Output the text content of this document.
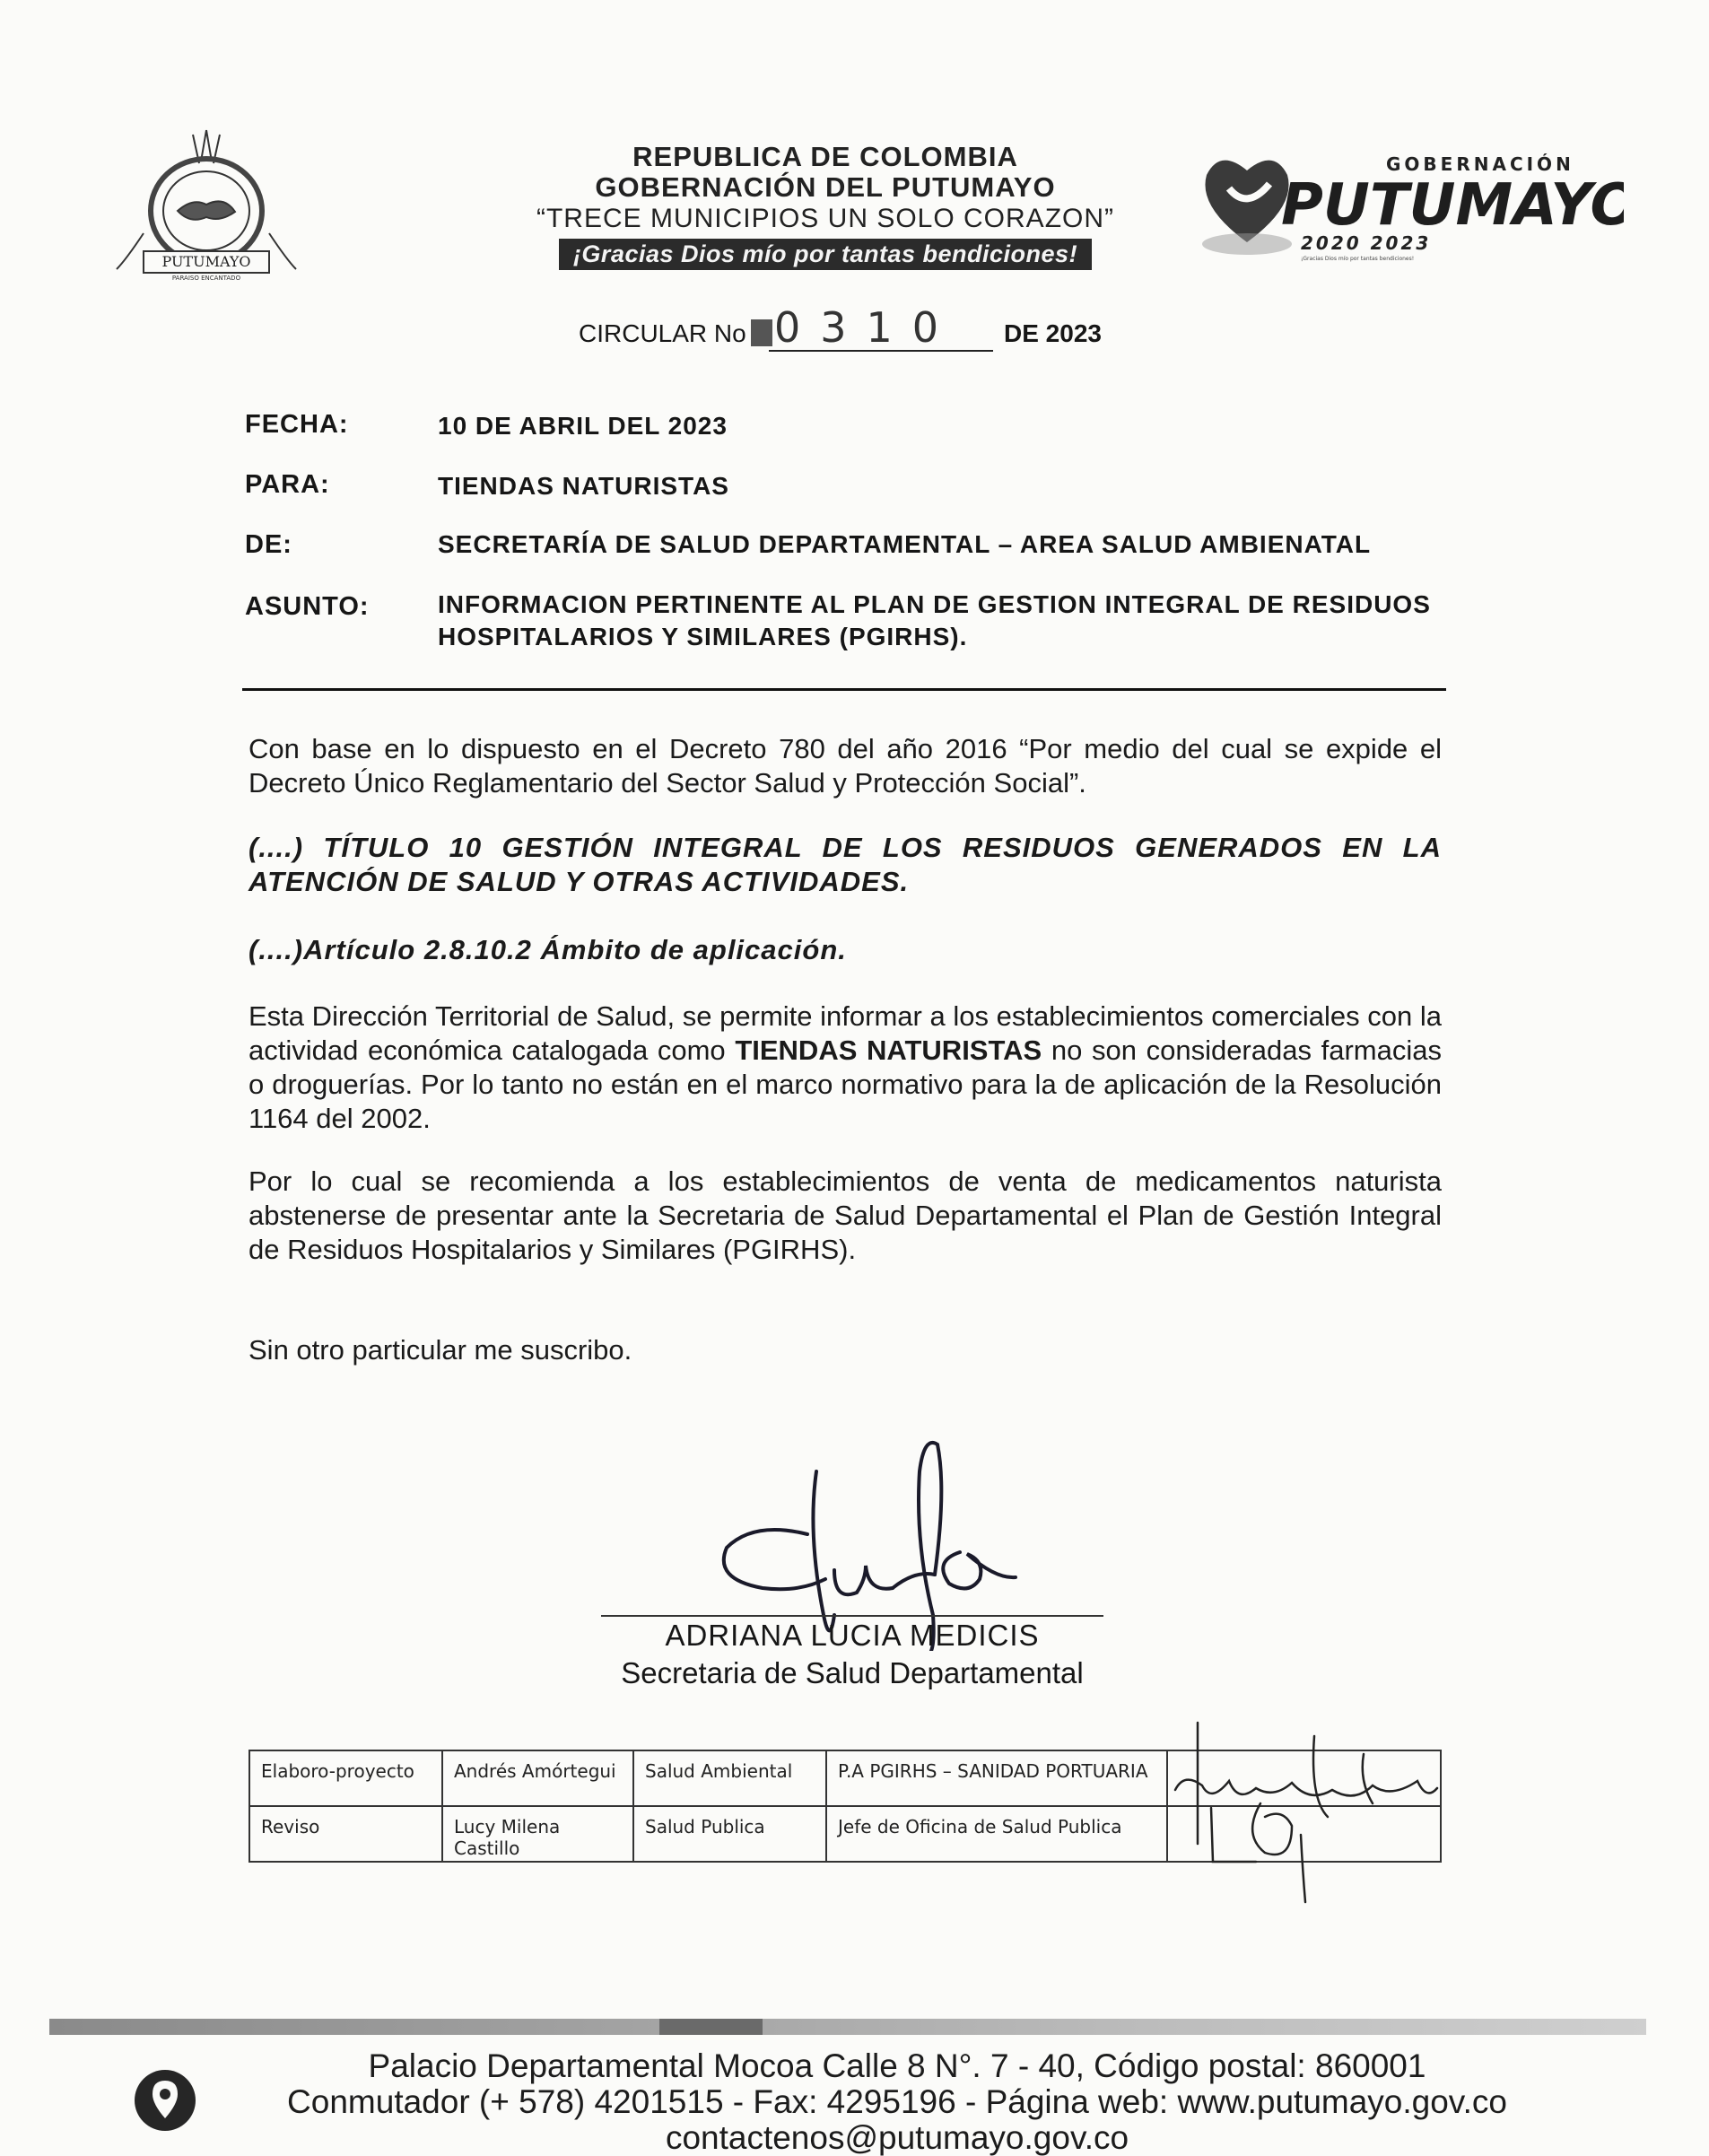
PUTUMAYO
PARAISO ENCANTADO
REPUBLICA DE COLOMBIA
GOBERNACIÓN DEL PUTUMAYO
“TRECE MUNICIPIOS UN SOLO CORAZON”
¡Gracias Dios mío por tantas bendiciones!
GOBERNACIÓN
PUTUMAYO
2020 2023
¡Gracias Dios mío por tantas bendiciones!
CIRCULAR No 0310 DE 2023
FECHA:	10 DE ABRIL DEL 2023
PARA:	TIENDAS NATURISTAS
DE:	SECRETARÍA DE SALUD DEPARTAMENTAL – AREA SALUD AMBIENATAL
ASUNTO:	INFORMACION PERTINENTE AL PLAN DE GESTION INTEGRAL DE RESIDUOS HOSPITALARIOS Y SIMILARES (PGIRHS).
Con base en lo dispuesto en el Decreto 780 del año 2016 “Por medio del cual se expide el Decreto Único Reglamentario del Sector Salud y Protección Social”.
(....) TÍTULO 10 GESTIÓN INTEGRAL DE LOS RESIDUOS GENERADOS EN LA ATENCIÓN DE SALUD Y OTRAS ACTIVIDADES.
(....)Artículo 2.8.10.2 Ámbito de aplicación.
Esta Dirección Territorial de Salud, se permite informar a los establecimientos comerciales con la actividad económica catalogada como TIENDAS NATURISTAS no son consideradas farmacias o droguerías. Por lo tanto no están en el marco normativo para la de aplicación de la Resolución 1164 del 2002.
Por lo cual se recomienda a los establecimientos de venta de medicamentos naturista abstenerse de presentar ante la Secretaria de Salud Departamental el Plan de Gestión Integral de Residuos Hospitalarios y Similares (PGIRHS).
Sin otro particular me suscribo.
ADRIANA LUCIA MEDICIS
Secretaria de Salud Departamental
Elaboro-proyecto	Andrés Amórtegui	Salud Ambiental	P.A PGIRHS – SANIDAD PORTUARIA	
Reviso	Lucy Milena Castillo	Salud Publica	Jefe de Oficina de Salud Publica	
Palacio Departamental Mocoa Calle 8 N°. 7 - 40, Código postal: 860001
Conmutador (+ 578) 4201515 - Fax: 4295196 - Página web: www.putumayo.gov.co
contactenos@putumayo.gov.co
